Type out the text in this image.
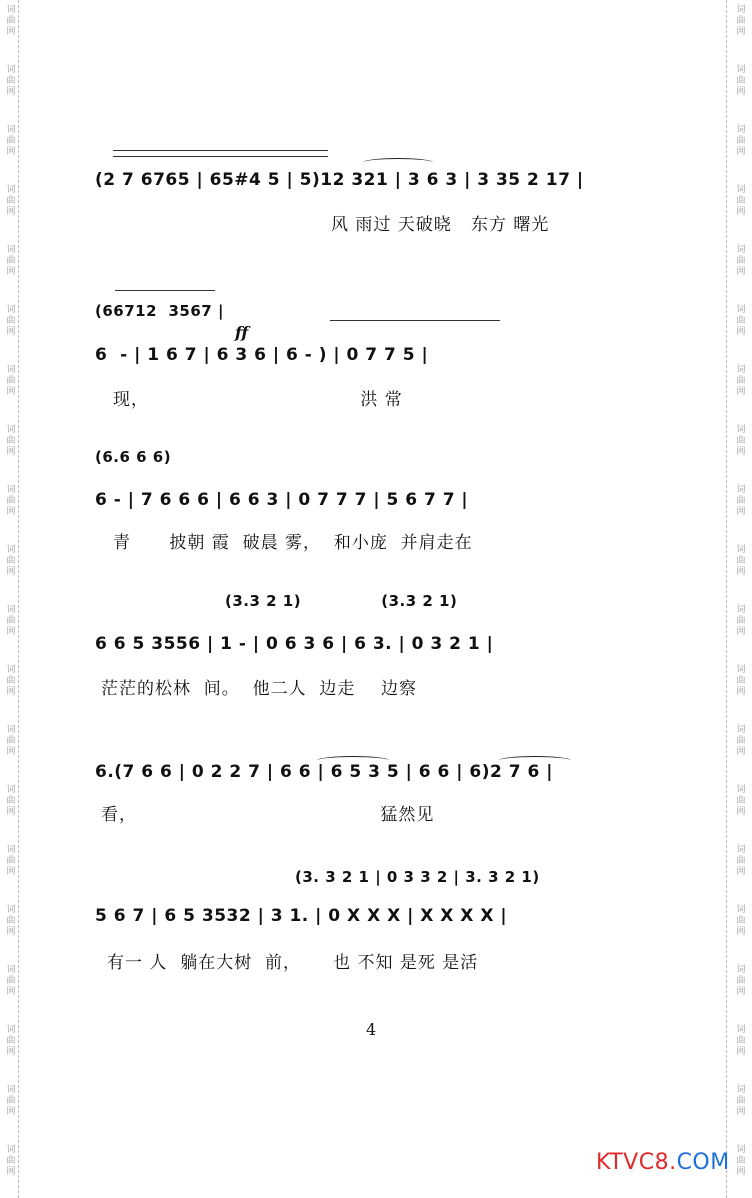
词
曲
网
词
曲
网
词
曲
网
词
曲
网
词
曲
网
词
曲
网
词
曲
网
词
曲
网
词
曲
网
词
曲
网
词
曲
网
词
曲
网
词
曲
网
词
曲
网
词
曲
网
词
曲
网
词
曲
网
词
曲
网
词
曲
网
词
曲
网
词
曲
网
词
曲
网
词
曲
网
词
曲
网
词
曲
网
词
曲
网
词
曲
网
词
曲
网
词
曲
网
词
曲
网
词
曲
网
词
曲
网
词
曲
网
词
曲
网
词
曲
网
词
曲
网
词
曲
网
词
曲
网
词
曲
网
词
曲
网
(2 7 6765 | 65#4 5 | 5)12 321 | 3 6 3 | 3 35 2 17 |
风 雨过 天破晓   东方 曙光
(66712  3567 |
ff
6  - | 1 6 7 | 6 3 6 | 6 - ) | 0 7 7 5 |
现，                                 洪 常
(6.6 6 6)
6 - | 7 6 6 6 | 6 6 3 | 0 7 7 7 | 5 6 7 7 |
青      披朝 霞  破晨 雾，  和小庞  并肩走在
(3.3 2 1)              (3.3 2 1)
6 6 5 3556 | 1 - | 0 6 3 6 | 6 3. | 0 3 2 1 |
茫茫的松林  间。  他二人  边走    边察
6.(7 6 6 | 0 2 2 7 | 6 6 | 6 5 3 5 | 6 6 | 6)2 7 6 |
看，                                      猛然见
(3. 3 2 1 | 0 3 3 2 | 3. 3 2 1)
5 6 7 | 6 5 3532 | 3 1. | 0 X X X | X X X X |
有一 人  躺在大树  前，     也 不知 是死 是活
4
KTVC8.COM
